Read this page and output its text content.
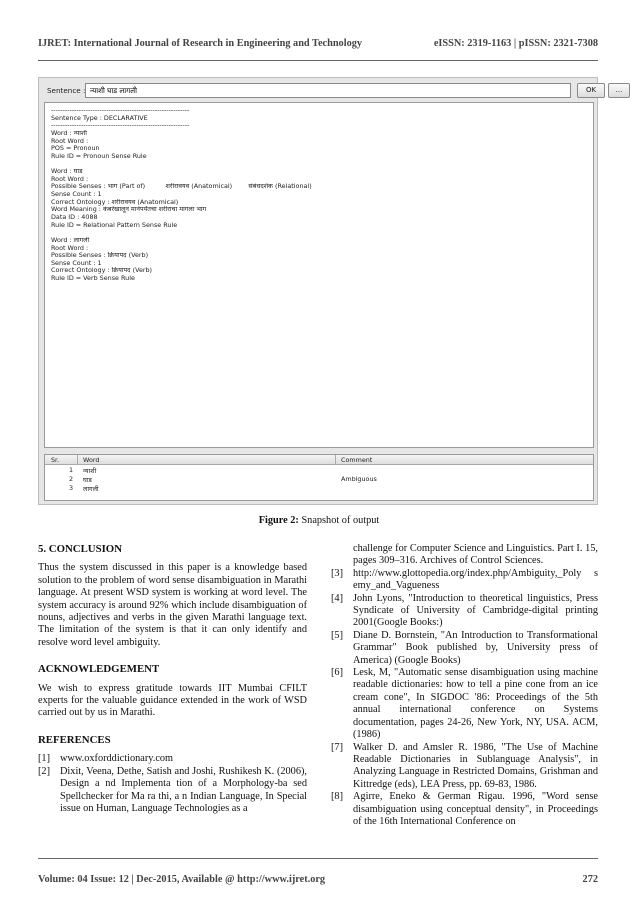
IJRET: International Journal of Research in Engineering and Technology	eISSN: 2319-1163 | pISSN: 2321-7308
Sentence : न्याशी घाड लागली	OK	...
------------------------------------------------------------
Sentence Type : DECLARATIVE
------------------------------------------------------------
Word : न्याशी
Root Word :
POS = Pronoun
Rule ID = Pronoun Sense Rule
Word : घाड
Root Word :
Possible Senses : भाग (Part of)          शरीरावयव (Anatomical)        संबंधदर्शक (Relational)
Sense Count : 1
Correct Ontology : शरीरावयव (Anatomical)
Word Meaning : कंबरेखालून मानेपर्यंतचा शरीराचा मागला भाग
Data ID : 4088
Rule ID = Relational Pattern Sense Rule
Word : लागली
Root Word :
Possible Senses : क्रियापद (Verb)
Sense Count : 1
Correct Ontology : क्रियापद (Verb)
Rule ID = Verb Sense Rule
Sr.	Word	Comment
1 न्याशी
2 घाड	Ambiguous
3 लागली
Figure 2: Snapshot of output
5. CONCLUSION
Thus the system discussed in this paper is a knowledge based solution to the problem of word sense disambiguation in Marathi language. At present WSD system is working at word level. The system accuracy is around 92% which include disambiguation of nouns, adjectives and verbs in the given Marathi language text. The limitation of the system is that it can only identify and resolve word level ambiguity.
ACKNOWLEDGEMENT
We wish to express gratitude towards IIT Mumbai CFILT experts for the valuable guidance extended in the work of WSD carried out by us in Marathi.
REFERENCES
[1] www.oxforddictionary.com
[2] Dixit, Veena, Dethe, Satish and Joshi, Rushikesh K. (2006), Design a nd Implementa tion of a Morphology-ba sed Spellchecker for Ma ra thi, a n Indian Language, In Special issue on Human, Language Technologies as a
challenge for Computer Science and Linguistics. Part I. 15, pages 309–316. Archives of Control Sciences.
[3] http://www.glottopedia.org/index.php/Ambiguity,_Poly s emy_and_Vagueness
[4] John Lyons, "Introduction to theoretical linguistics, Press Syndicate of University of Cambridge-digital printing 2001(Google Books:)
[5] Diane D. Bornstein, "An Introduction to Transformational Grammar" Book published by, University press of America) (Google Books)
[6] Lesk, M, "Automatic sense disambiguation using machine readable dictionaries: how to tell a pine cone from an ice cream cone", In SIGDOC '86: Proceedings of the 5th annual international conference on Systems documentation, pages 24-26, New York, NY, USA. ACM, (1986)
[7] Walker D. and Amsler R. 1986, "The Use of Machine Readable Dictionaries in Sublanguage Analysis", in Analyzing Language in Restricted Domains, Grishman and Kittredge (eds), LEA Press, pp. 69-83, 1986.
[8] Agirre, Eneko & German Rigau. 1996, "Word sense disambiguation using conceptual density", in Proceedings of the 16th International Conference on
Volume: 04 Issue: 12 | Dec-2015, Available @ http://www.ijret.org	272
